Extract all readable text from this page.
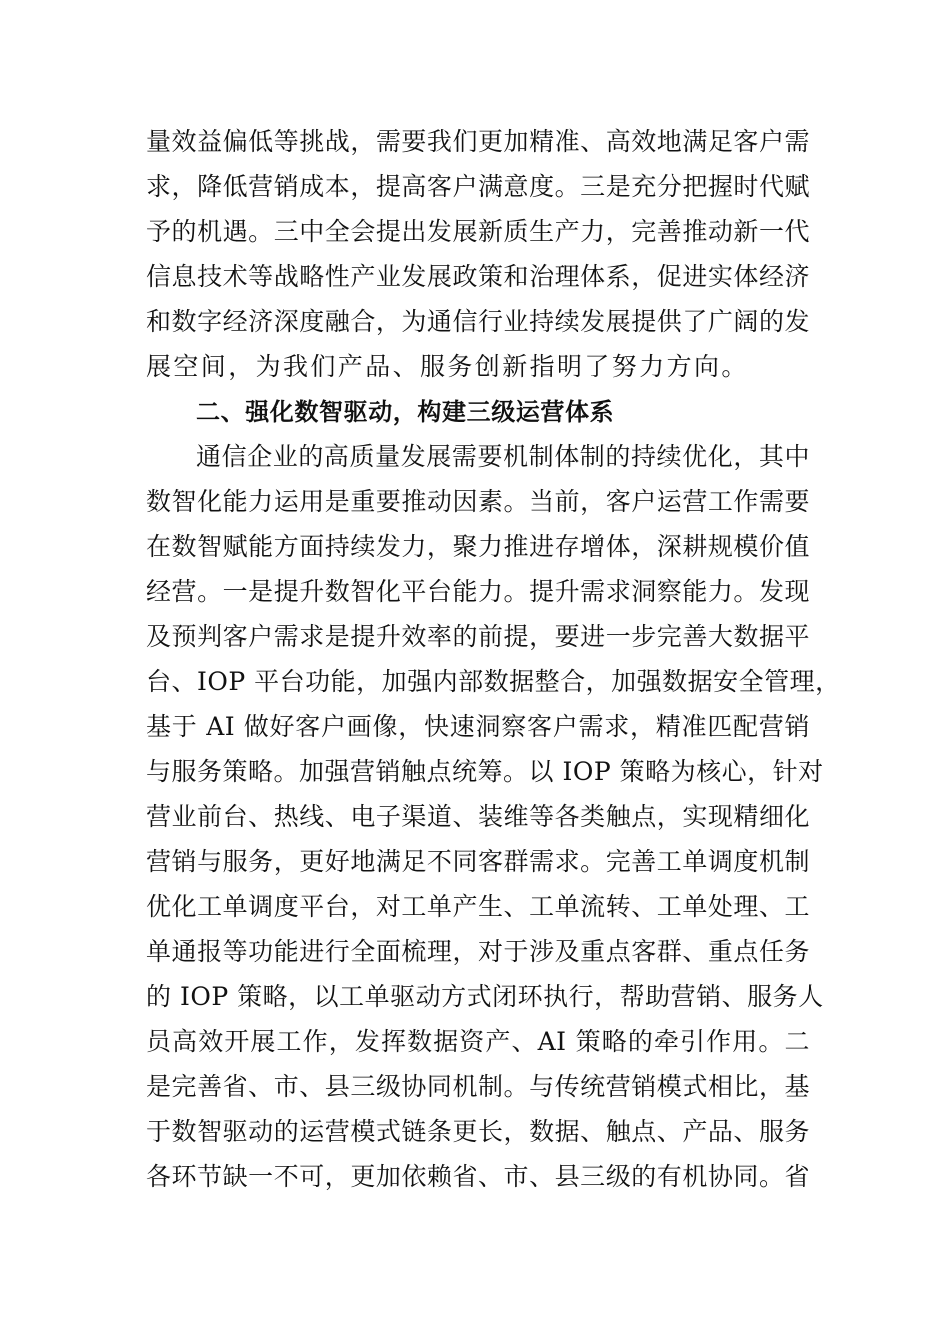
量效益偏低等挑战，需要我们更加精准、高效地满足客户需
求，降低营销成本，提高客户满意度。三是充分把握时代赋
予的机遇。三中全会提出发展新质生产力，完善推动新一代
信息技术等战略性产业发展政策和治理体系，促进实体经济
和数字经济深度融合，为通信行业持续发展提供了广阔的发
展空间，为我们产品、服务创新指明了努力方向。
二、强化数智驱动，构建三级运营体系
通信企业的高质量发展需要机制体制的持续优化，其中
数智化能力运用是重要推动因素。当前，客户运营工作需要
在数智赋能方面持续发力，聚力推进存增体，深耕规模价值
经营。一是提升数智化平台能力。提升需求洞察能力。发现
及预判客户需求是提升效率的前提，要进一步完善大数据平
台、IOP 平台功能，加强内部数据整合，加强数据安全管理，
基于 AI 做好客户画像，快速洞察客户需求，精准匹配营销
与服务策略。加强营销触点统筹。以 IOP 策略为核心，针对
营业前台、热线、电子渠道、装维等各类触点，实现精细化
营销与服务，更好地满足不同客群需求。完善工单调度机制
优化工单调度平台，对工单产生、工单流转、工单处理、工
单通报等功能进行全面梳理，对于涉及重点客群、重点任务
的 IOP 策略，以工单驱动方式闭环执行，帮助营销、服务人
员高效开展工作，发挥数据资产、AI 策略的牵引作用。二
是完善省、市、县三级协同机制。与传统营销模式相比，基
于数智驱动的运营模式链条更长，数据、触点、产品、服务
各环节缺一不可，更加依赖省、市、县三级的有机协同。省
